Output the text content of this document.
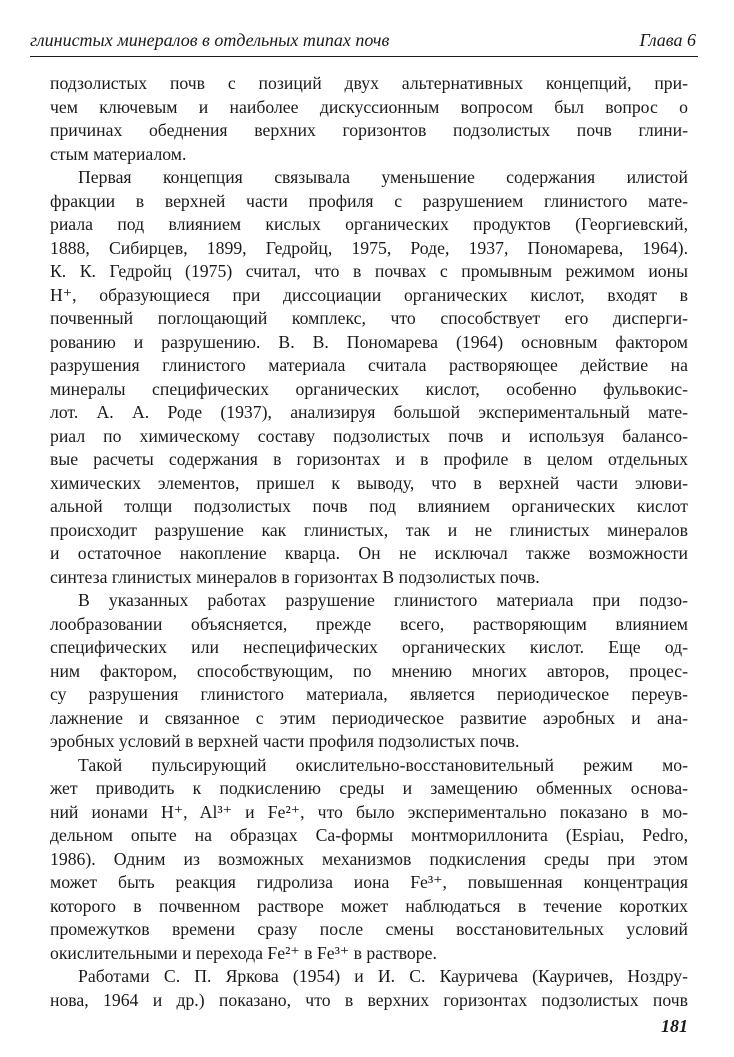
глинистых минералов в отдельных типах почв	Глава 6
подзолистых почв с позиций двух альтернативных концепций, при-
чем ключевым и наиболее дискуссионным вопросом был вопрос о
причинах обеднения верхних горизонтов подзолистых почв глини-
стым материалом.
Первая концепция связывала уменьшение содержания илистой
фракции в верхней части профиля с разрушением глинистого мате-
риала под влиянием кислых органических продуктов (Георгиевский,
1888, Сибирцев, 1899, Гедройц, 1975, Роде, 1937, Пономарева, 1964).
К. К. Гедройц (1975) считал, что в почвах с промывным режимом ионы
H⁺, образующиеся при диссоциации органических кислот, входят в
почвенный поглощающий комплекс, что способствует его дисперги-
рованию и разрушению. В. В. Пономарева (1964) основным фактором
разрушения глинистого материала считала растворяющее действие на
минералы специфических органических кислот, особенно фульвокис-
лот. А. А. Роде (1937), анализируя большой экспериментальный мате-
риал по химическому составу подзолистых почв и используя балансо-
вые расчеты содержания в горизонтах и в профиле в целом отдельных
химических элементов, пришел к выводу, что в верхней части элюви-
альной толщи подзолистых почв под влиянием органических кислот
происходит разрушение как глинистых, так и не глинистых минералов
и остаточное накопление кварца. Он не исключал также возможности
синтеза глинистых минералов в горизонтах В подзолистых почв.
В указанных работах разрушение глинистого материала при подзо-
лообразовании объясняется, прежде всего, растворяющим влиянием
специфических или неспецифических органических кислот. Еще од-
ним фактором, способствующим, по мнению многих авторов, процес-
су разрушения глинистого материала, является периодическое переув-
лажнение и связанное с этим периодическое развитие аэробных и ана-
эробных условий в верхней части профиля подзолистых почв.
Такой пульсирующий окислительно-восстановительный режим мо-
жет приводить к подкислению среды и замещению обменных основа-
ний ионами H⁺, Al³⁺ и Fe²⁺, что было экспериментально показано в мо-
дельном опыте на образцах Са-формы монтмориллонита (Espiau, Pedro,
1986). Одним из возможных механизмов подкисления среды при этом
может быть реакция гидролиза иона Fe³⁺, повышенная концентрация
которого в почвенном растворе может наблюдаться в течение коротких
промежутков времени сразу после смены восстановительных условий
окислительными и перехода Fe²⁺ в Fe³⁺ в растворе.
Работами С. П. Яркова (1954) и И. С. Кауричева (Кауричев, Ноздру-
нова, 1964 и др.) показано, что в верхних горизонтах подзолистых почв
181
